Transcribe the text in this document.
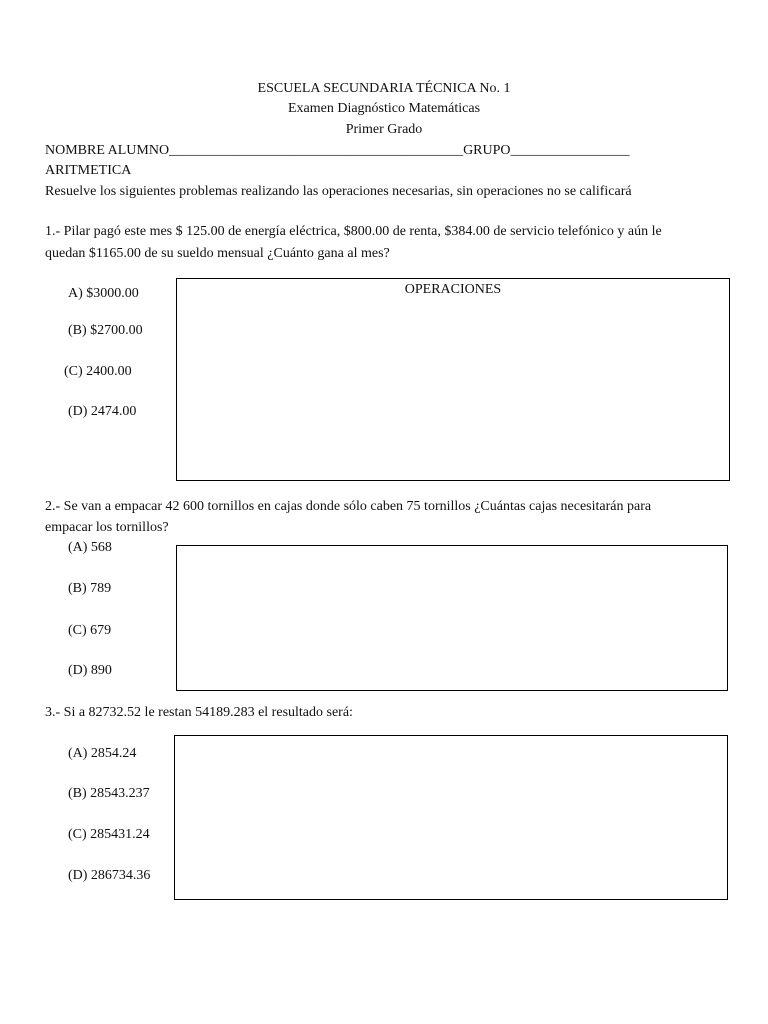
ESCUELA SECUNDARIA TÉCNICA No. 1
Examen Diagnóstico Matemáticas
Primer Grado
NOMBRE ALUMNO__________________________________________GRUPO_________________
ARITMETICA
Resuelve los siguientes problemas realizando las operaciones necesarias, sin operaciones no se calificará
1.- Pilar pagó este mes $ 125.00 de energía eléctrica, $800.00 de renta, $384.00 de servicio telefónico y aún le
quedan $1165.00 de su sueldo mensual ¿Cuánto gana al mes?
A) $3000.00
(B) $2700.00
(C) 2400.00
(D) 2474.00
OPERACIONES
2.- Se van a empacar 42 600 tornillos en cajas donde sólo caben 75 tornillos ¿Cuántas cajas necesitarán para
empacar los tornillos?
(A) 568
(B) 789
(C) 679
(D) 890
3.- Si a 82732.52 le restan 54189.283 el resultado será:
(A) 2854.24
(B) 28543.237
(C) 285431.24
(D) 286734.36
